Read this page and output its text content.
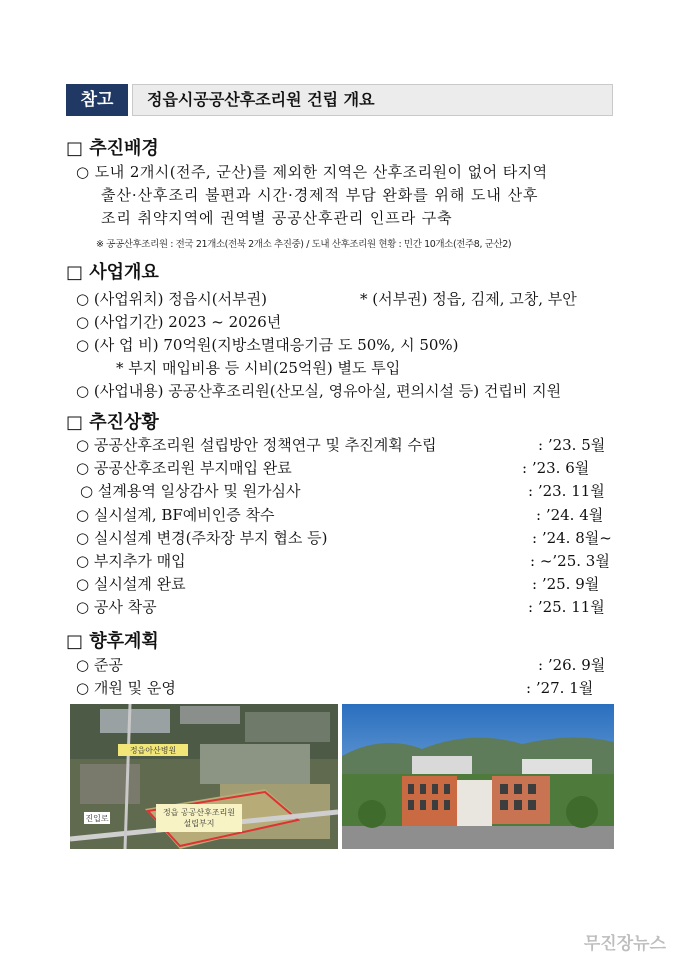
참고	정읍시공공산후조리원 건립 개요
□ 추진배경
○ 도내 2개시(전주, 군산)를 제외한 지역은 산후조리원이 없어 타지역
출산·산후조리 불편과 시간·경제적 부담 완화를 위해 도내 산후
조리 취약지역에 권역별 공공산후관리 인프라 구축
※ 공공산후조리원 : 전국 21개소(전북 2개소 추진중) / 도내 산후조리원 현황 : 민간 10개소(전주8, 군산2)
□ 사업개요
○ (사업위치) 정읍시(서부권)	* (서부권) 정읍, 김제, 고창, 부안
○ (사업기간) 2023 ~ 2026년
○ (사 업 비) 70억원(지방소멸대응기금 도 50%, 시 50%)
* 부지 매입비용 등 시비(25억원) 별도 투입
○ (사업내용) 공공산후조리원(산모실, 영유아실, 편의시설 등) 건립비 지원
□ 추진상황
○ 공공산후조리원 설립방안 정책연구 및 추진계획 수립	: ’23. 5월
○ 공공산후조리원 부지매입 완료	: ’23. 6월
○ 설계용역 일상감사 및 원가심사	: ’23. 11월
○ 실시설계, BF예비인증 착수	: ’24. 4월
○ 실시설계 변경(주차장 부지 협소 등)	: ’24. 8월~
○ 부지추가 매입	: ~’25. 3월
○ 실시설계 완료	: ’25. 9월
○ 공사 착공	: ’25. 11월
□ 향후계획
○ 준공	: ’26. 9월
○ 개원 및 운영	: ’27. 1월
정읍아산병원
진입로
정읍 공공산후조리원
설립부지
무진장뉴스
